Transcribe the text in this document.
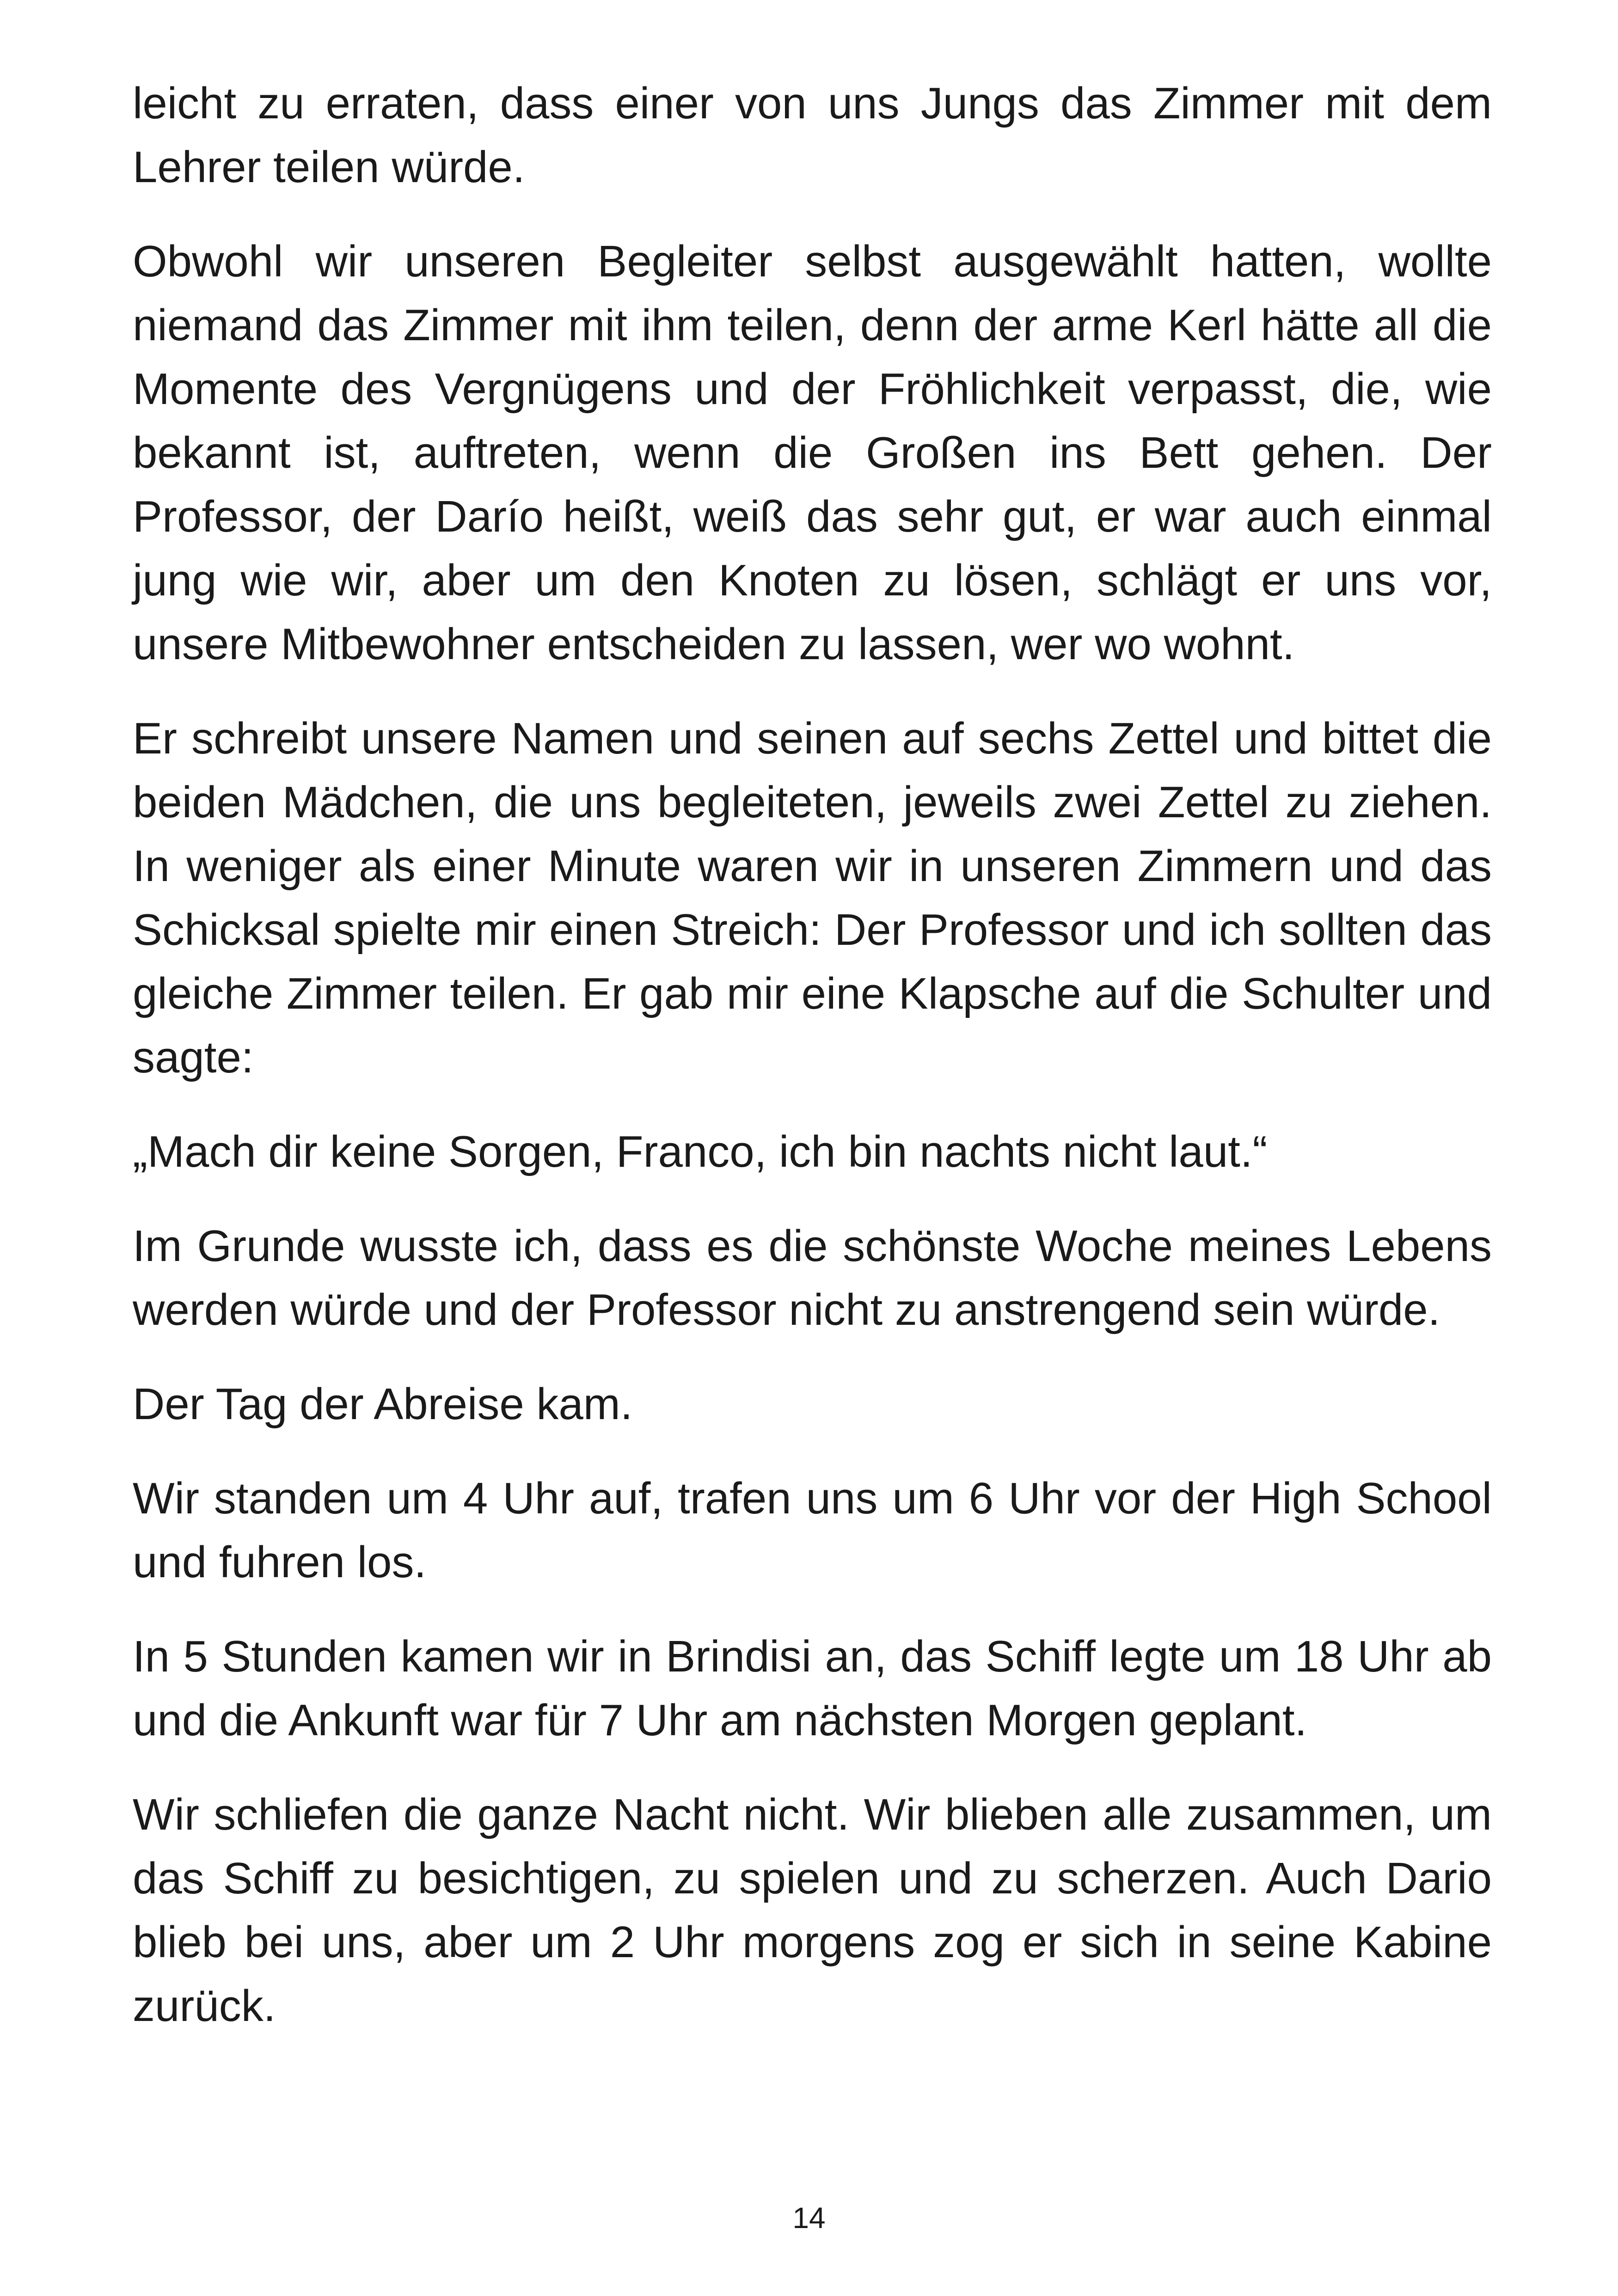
leicht zu erraten, dass einer von uns Jungs das Zimmer mit dem Lehrer teilen würde.

Obwohl wir unseren Begleiter selbst ausgewählt hatten, wollte niemand das Zimmer mit ihm teilen, denn der arme Kerl hätte all die Momente des Vergnügens und der Fröhlichkeit verpasst, die, wie bekannt ist, auftreten, wenn die Großen ins Bett gehen. Der Professor, der Darío heißt, weiß das sehr gut, er war auch einmal jung wie wir, aber um den Knoten zu lösen, schlägt er uns vor, unsere Mitbewohner entscheiden zu lassen, wer wo wohnt.

Er schreibt unsere Namen und seinen auf sechs Zettel und bittet die beiden Mädchen, die uns begleiteten, jeweils zwei Zettel zu ziehen. In weniger als einer Minute waren wir in unseren Zimmern und das Schicksal spielte mir einen Streich: Der Professor und ich sollten das gleiche Zimmer teilen. Er gab mir eine Klapsche auf die Schulter und sagte:

„Mach dir keine Sorgen, Franco, ich bin nachts nicht laut.“

Im Grunde wusste ich, dass es die schönste Woche meines Lebens werden würde und der Professor nicht zu anstrengend sein würde.

Der Tag der Abreise kam.

Wir standen um 4 Uhr auf, trafen uns um 6 Uhr vor der High School und fuhren los.

In 5 Stunden kamen wir in Brindisi an, das Schiff legte um 18 Uhr ab und die Ankunft war für 7 Uhr am nächsten Morgen geplant.

Wir schliefen die ganze Nacht nicht. Wir blieben alle zusammen, um das Schiff zu besichtigen, zu spielen und zu scherzen. Auch Dario blieb bei uns, aber um 2 Uhr morgens zog er sich in seine Kabine zurück.

14
